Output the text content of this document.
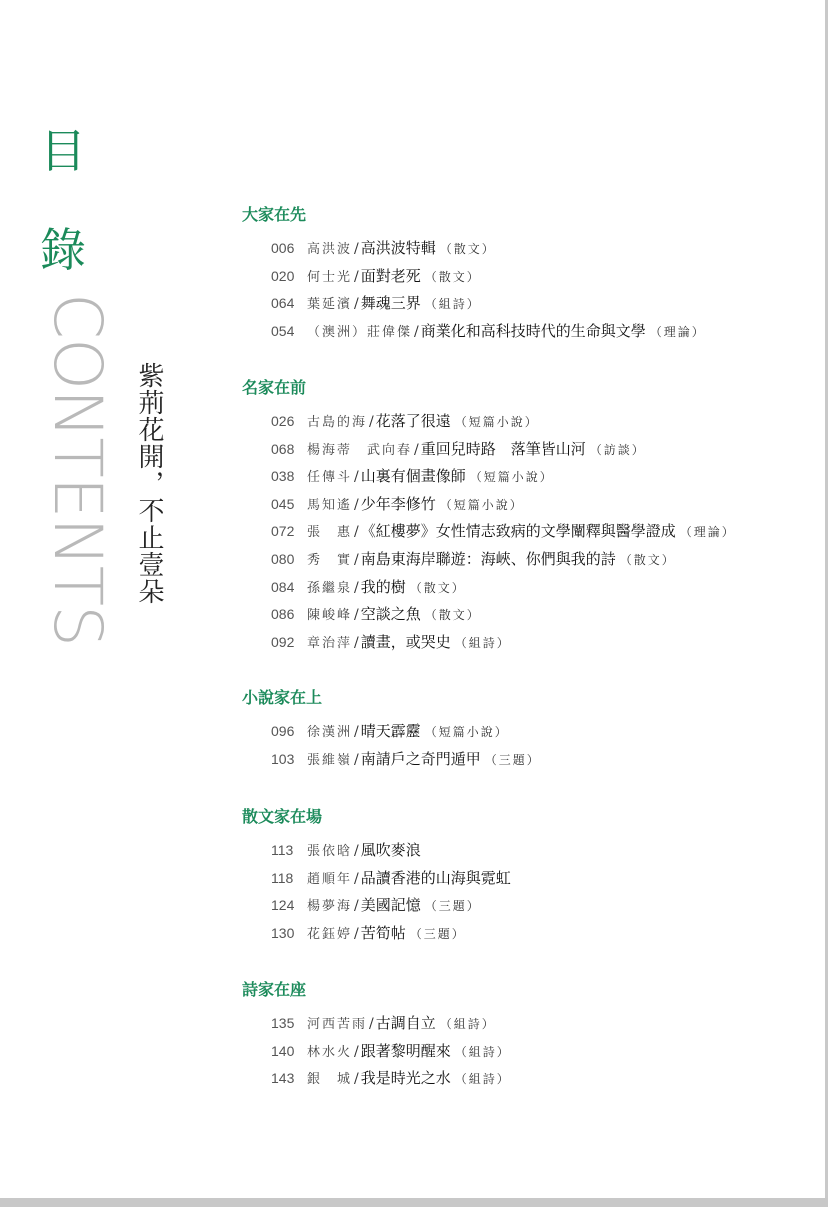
目
錄
CONTENTS 紫荊花開，不止壹朵
大家在先
006 高洪波 / 高洪波特輯 （散文）
020 何士光 / 面對老死 （散文）
064 葉延濱 / 舞魂三界 （組詩）
054 （澳洲）莊偉傑 / 商業化和高科技時代的生命與文學 （理論）
名家在前
026 古島的海 / 花落了很遠 （短篇小說）
068 楊海蒂　武向春 / 重回兒時路　落筆皆山河 （訪談）
038 任傳斗 / 山裏有個畫像師 （短篇小說）
045 馬知遙 / 少年李修竹 （短篇小說）
072 張　惠 / 《紅樓夢》女性情志致病的文學闡釋與醫學證成 （理論）
080 秀　實 / 南島東海岸聯遊：海峽、你們與我的詩 （散文）
084 孫繼泉 / 我的樹 （散文）
086 陳峻峰 / 空談之魚 （散文）
092 章治萍 / 讀畫，或哭史 （組詩）
小說家在上
096 徐漢洲 / 晴天霹靂 （短篇小說）
103 張維嶺 / 南請戶之奇門遁甲 （三題）
散文家在場
113 張依晗 / 風吹麥浪
118 趙順年 / 品讀香港的山海與霓虹
124 楊夢海 / 美國記憶 （三題）
130 花鈺婷 / 苦筍帖 （三題）
詩家在座
135 河西苦雨 / 古調自立 （組詩）
140 林水火 / 跟著黎明醒來 （組詩）
143 銀　城 / 我是時光之水 （組詩）
